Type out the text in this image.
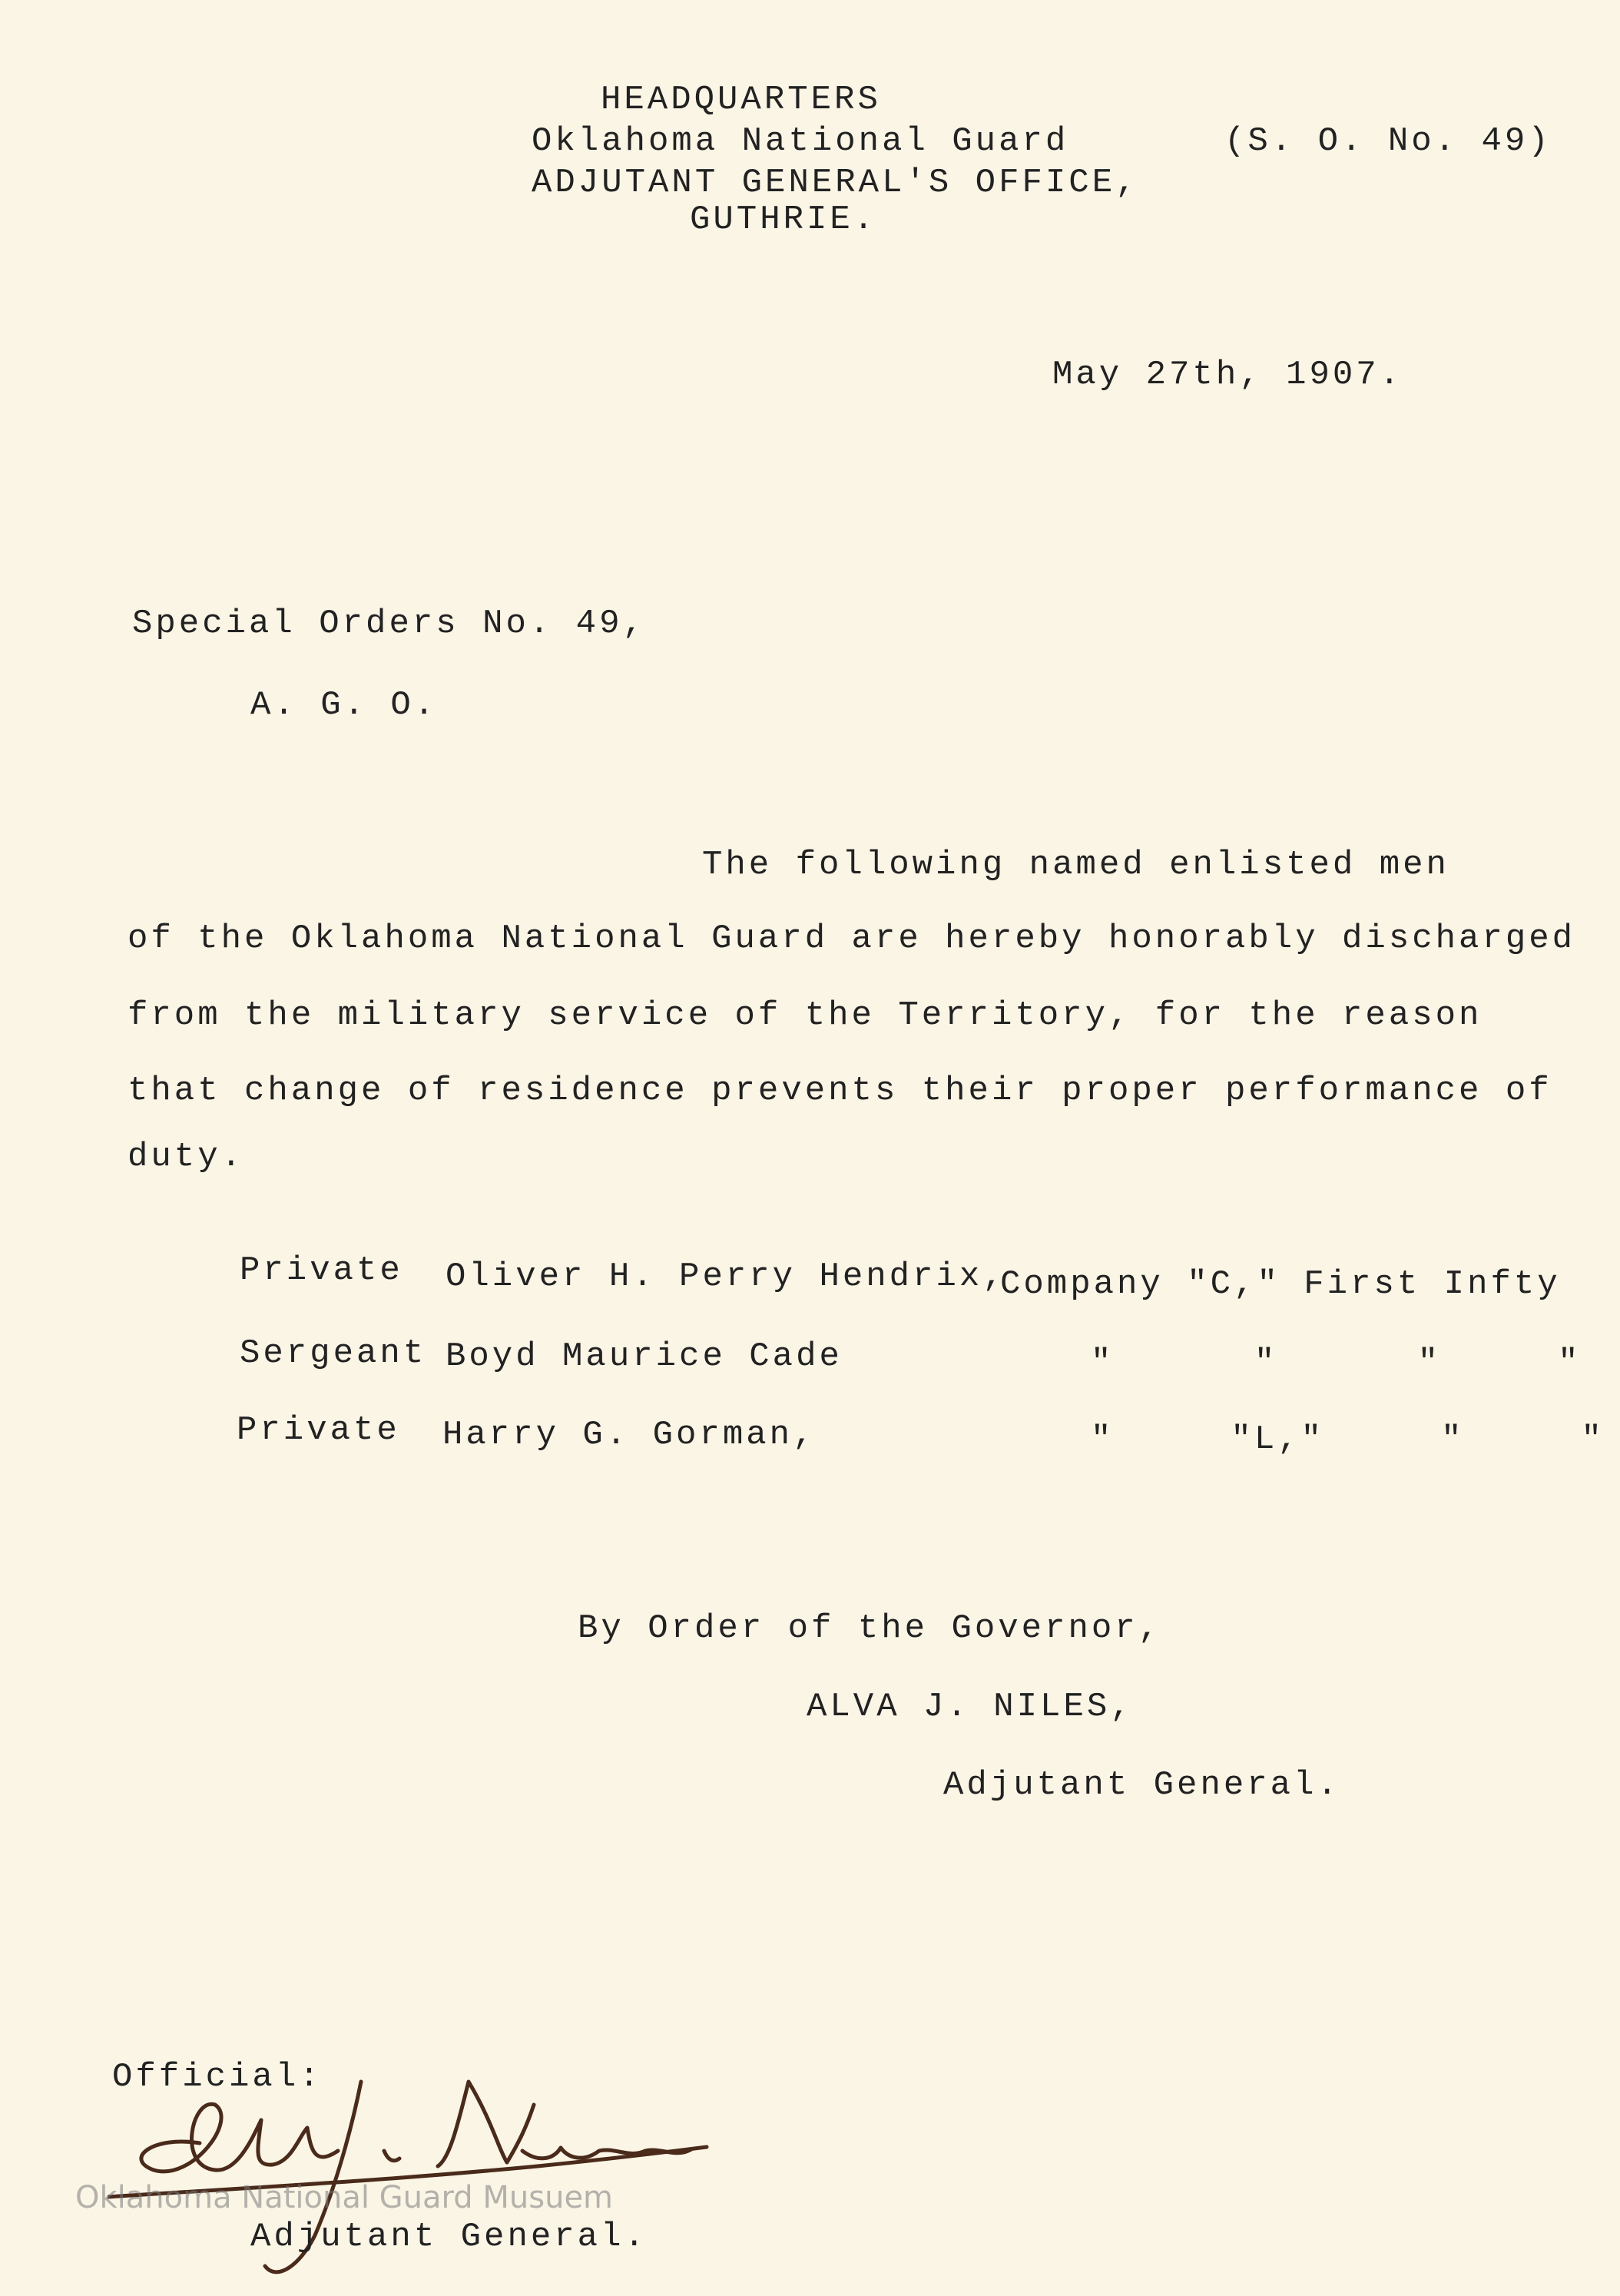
HEADQUARTERS
Oklahoma National Guard
ADJUTANT GENERAL'S OFFICE,
GUTHRIE.
(S. O. No. 49)
May 27th, 1907.
Special Orders No. 49,
A. G. O.
The following named enlisted men
of the Oklahoma National Guard are hereby honorably discharged
from the military service of the Territory, for the reason
that change of residence prevents their proper performance of
duty.
Private Oliver H. Perry Hendrix,
Company "C," First Infty
Sergeant Boyd Maurice Cade	"      "      "     "
Private Harry G. Gorman,	"     "L,"     "     "
By Order of the Governor,
ALVA J. NILES,
Adjutant General.
Official:
Adjutant General.
Oklahoma National Guard Musuem
